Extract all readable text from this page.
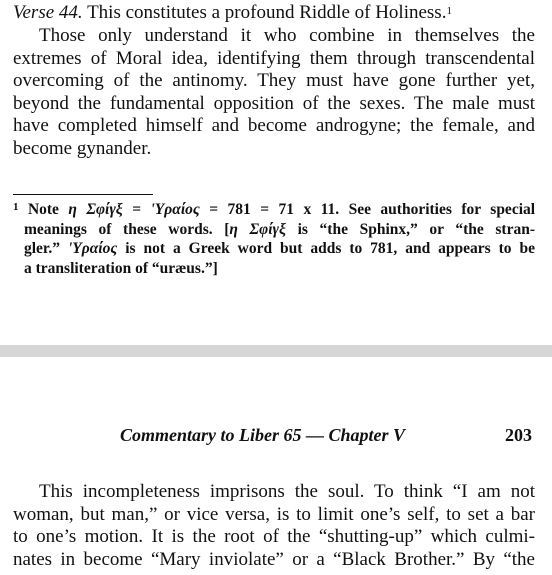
Verse 44. This constitutes a profound Riddle of Holiness.$^1$

Those only understand it who combine in themselves the
extremes of Moral idea, identifying them through transcendental
overcoming of the antinomy. They must have gone further yet,
beyond the fundamental opposition of the sexes. The male must
have completed himself and become androgyne; the female, and
become gynander.

$^1$ Note η Σφίγξ = 'Υραίος = 781 = 71 x 11. See authorities for special
meanings of these words. [η Σφίγξ is “the Sphinx,” or “the stran-
gler.” 'Υραίος is not a Greek word but adds to 781, and appears to be
a transliteration of “uræus.”]

Commentary to Liber 65 — Chapter V	203

This incompleteness imprisons the soul. To think “I am not
woman, but man,” or vice versa, is to limit one’s self, to set a bar
to one’s motion. It is the root of the “shutting-up” which culmi-
nates in become “Mary inviolate” or a “Black Brother.” By “the
